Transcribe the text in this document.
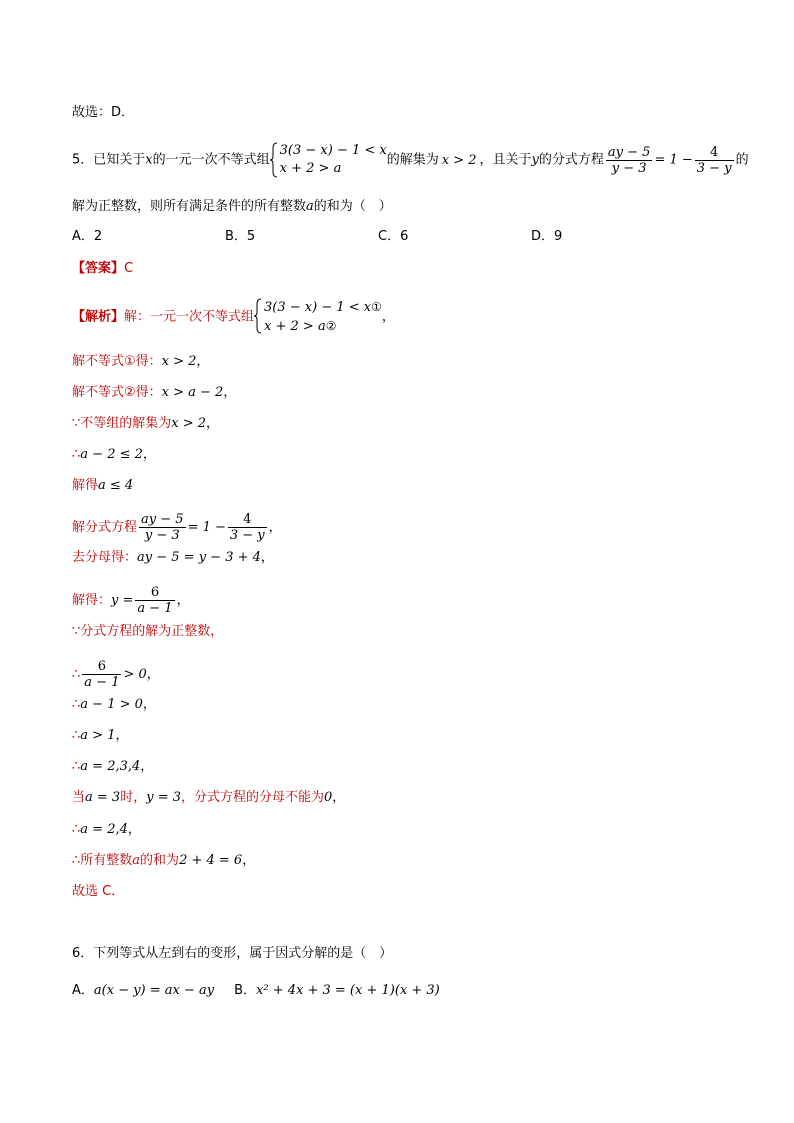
故选：D．
5．已知关于x的一元一次不等式组
3(3 − x) − 1 < x
x + 2 > a
的解集为 x > 2 ，且关于y的分式方程 $\frac{ay - 5}{y - 3} = 1 - \frac{4}{3 - y}$ 的
解为正整数，则所有满足条件的所有整数a的和为（　）
A．2	B．5	C．6	D．9
【答案】C
【解析】解：一元一次不等式组
3(3 − x) − 1 < x①
x + 2 > a②
，
解不等式①得：x > 2，
解不等式②得：x > a − 2，
∵不等组的解集为x > 2，
∴a − 2 ≤ 2，
解得a ≤ 4
解分式方程 $\frac{ay - 5}{y - 3} = 1 - \frac{4}{3 - y}$ ，
去分母得：ay − 5 = y − 3 + 4，
解得：$y = \frac{6}{a - 1}$ ，
∵分式方程的解为正整数，
∴ $\frac{6}{a - 1} > 0$，
∴a − 1 > 0，
∴a > 1，
∴a = 2,3,4，
当a = 3时，y = 3，分式方程的分母不能为0，
∴a = 2,4，
∴所有整数a的和为2 + 4 = 6，
故选 C．
6．下列等式从左到右的变形，属于因式分解的是（　）
A．a(x − y) = ax − ay B．x² + 4x + 3 = (x + 1)(x + 3)
